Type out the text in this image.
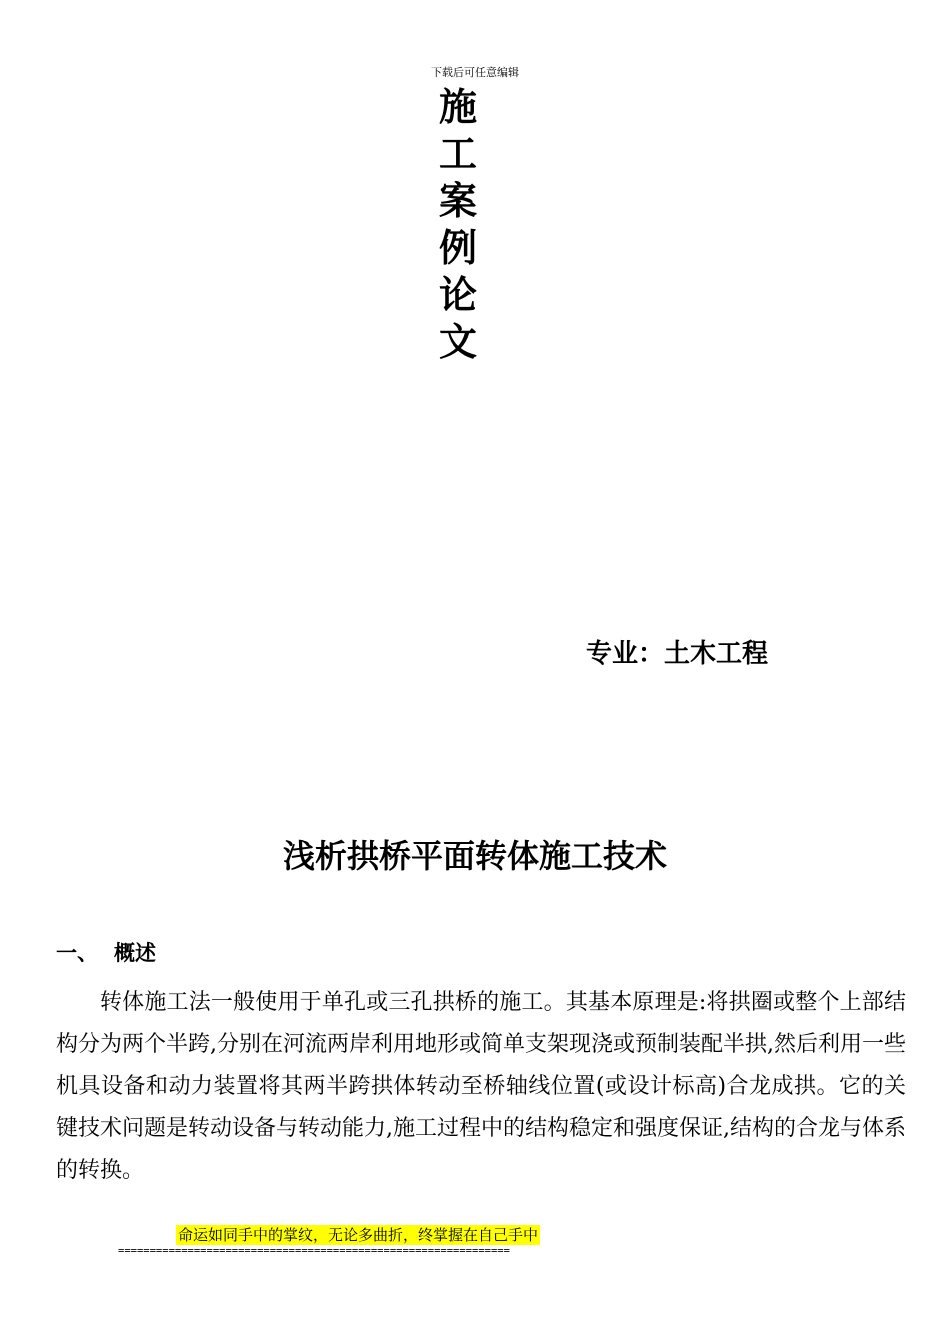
下载后可任意编辑
施
工
案
例
论
文
专业：土木工程
浅析拱桥平面转体施工技术
一、 概述
转体施工法一般使用于单孔或三孔拱桥的施工。其基本原理是:将拱圈或整个上部结构分为两个半跨,分别在河流两岸利用地形或简单支架现浇或预制装配半拱,然后利用一些机具设备和动力装置将其两半跨拱体转动至桥轴线位置(或设计标高)合龙成拱。它的关键技术问题是转动设备与转动能力,施工过程中的结构稳定和强度保证,结构的合龙与体系的转换。
命运如同手中的掌纹，无论多曲折，终掌握在自己手中
==============================================================
